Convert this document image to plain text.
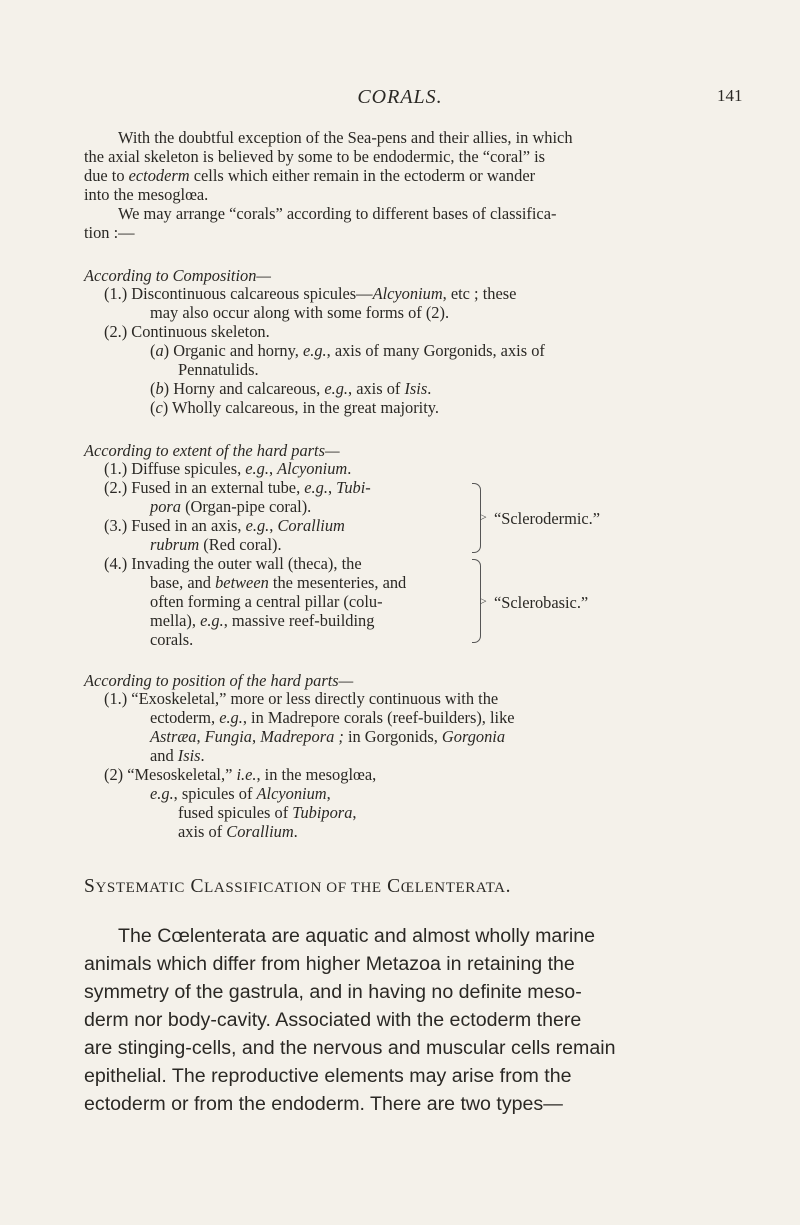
CORALS.	141
With the doubtful exception of the Sea-pens and their allies, in which
the axial skeleton is believed by some to be endodermic, the “coral” is
due to ectoderm cells which either remain in the ectoderm or wander
into the mesoglœa.
We may arrange “corals” according to different bases of classifica-
tion :—
According to Composition—
(1.) Discontinuous calcareous spicules—Alcyonium, etc ; these
may also occur along with some forms of (2).
(2.) Continuous skeleton.
(a) Organic and horny, e.g., axis of many Gorgonids, axis of
Pennatulids.
(b) Horny and calcareous, e.g., axis of Isis.
(c) Wholly calcareous, in the great majority.
According to extent of the hard parts—
(1.) Diffuse spicules, e.g., Alcyonium.
(2.) Fused in an external tube, e.g., Tubi-
pora (Organ-pipe coral).
(3.) Fused in an axis, e.g., Corallium
rubrum (Red coral).
(4.) Invading the outer wall (theca), the
base, and between the mesenteries, and
often forming a central pillar (colu-
mella), e.g., massive reef-building
corals.
> “Sclerodermic.”
> “Sclerobasic.”
According to position of the hard parts—
(1.) “Exoskeletal,” more or less directly continuous with the
ectoderm, e.g., in Madrepore corals (reef-builders), like
Astræa, Fungia, Madrepora ; in Gorgonids, Gorgonia
and Isis.
(2) “Mesoskeletal,” i.e., in the mesoglœa,
e.g., spicules of Alcyonium,
fused spicules of Tubipora,
axis of Corallium.
SYSTEMATIC CLASSIFICATION OF THE CŒLENTERATA.
The Cœlenterata are aquatic and almost wholly marine
animals which differ from higher Metazoa in retaining the
symmetry of the gastrula, and in having no definite meso-
derm nor body-cavity. Associated with the ectoderm there
are stinging-cells, and the nervous and muscular cells remain
epithelial. The reproductive elements may arise from the
ectoderm or from the endoderm. There are two types—
